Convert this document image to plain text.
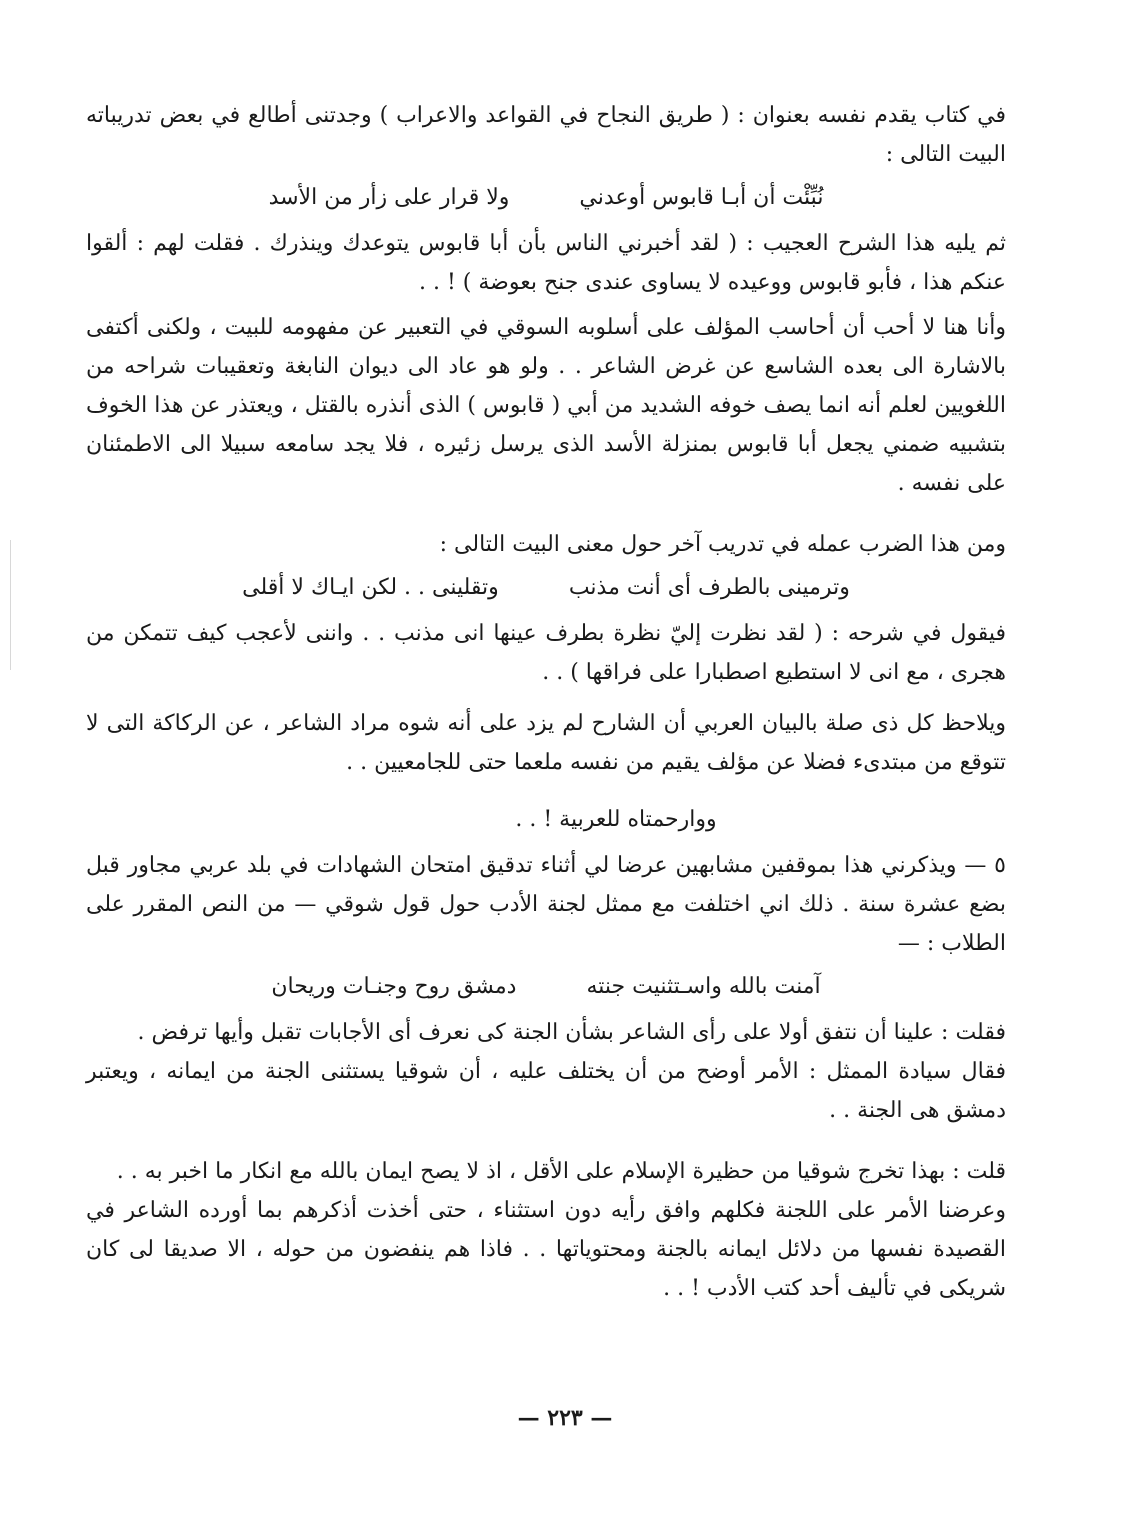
في كتاب يقدم نفسه بعنوان : ( طريق النجاح في القواعد والاعراب ) وجدتنى أطالع في بعض تدريباته البيت التالى :

نُبِّئْت أن أبـا قابوس أوعدني
ولا قرار على زأر من الأسد

ثم يليه هذا الشرح العجيب : ( لقد أخبرني الناس بأن أبا قابوس يتوعدك وينذرك . فقلت لهم : ألقوا عنكم هذا ، فأبو قابوس ووعيده لا يساوى عندى جنح بعوضة ) ! . .

وأنا هنا لا أحب أن أحاسب المؤلف على أسلوبه السوقي في التعبير عن مفهومه للبيت ، ولكنى أكتفى بالاشارة الى بعده الشاسع عن غرض الشاعر . . ولو هو عاد الى ديوان النابغة وتعقيبات شراحه من اللغويين لعلم أنه انما يصف خوفه الشديد من أبي ( قابوس ) الذى أنذره بالقتل ، ويعتذر عن هذا الخوف بتشبيه ضمني يجعل أبا قابوس بمنزلة الأسد الذى يرسل زئيره ، فلا يجد سامعه سبيلا الى الاطمئنان على نفسه .

ومن هذا الضرب عمله في تدريب آخر حول معنى البيت التالى :

وترمينى بالطرف أى أنت مذنب
وتقلينى . . لكن ايـاك لا أقلى

فيقول في شرحه : ( لقد نظرت إليّ نظرة بطرف عينها انى مذنب . . واننى لأعجب كيف تتمكن من هجرى ، مع انى لا استطيع اصطبارا على فراقها ) . .

ويلاحظ كل ذى صلة بالبيان العربي أن الشارح لم يزد على أنه شوه مراد الشاعر ، عن الركاكة التى لا تتوقع من مبتدىء فضلا عن مؤلف يقيم من نفسه ملعما حتى للجامعيين . .

ووارحمتاه للعربية ! . .

٥ — ويذكرني هذا بموقفين مشابهين عرضا لي أثناء تدقيق امتحان الشهادات في بلد عربي مجاور قبل بضع عشرة سنة . ذلك اني اختلفت مع ممثل لجنة الأدب حول قول شوقي — من النص المقرر على الطلاب : —

آمنت بالله واسـتثنيت جنته
دمشق روح وجنـات وريحان

فقلت : علينا أن نتفق أولا على رأى الشاعر بشأن الجنة كى نعرف أى الأجابات تقبل وأيها ترفض .

فقال سيادة الممثل : الأمر أوضح من أن يختلف عليه ، أن شوقيا يستثنى الجنة من ايمانه ، ويعتبر دمشق هى الجنة . .

قلت : بهذا تخرج شوقيا من حظيرة الإسلام على الأقل ، اذ لا يصح ايمان بالله مع انكار ما اخبر به . .

وعرضنا الأمر على اللجنة فكلهم وافق رأيه دون استثناء ، حتى أخذت أذكرهم بما أورده الشاعر في القصيدة نفسها من دلائل ايمانه بالجنة ومحتوياتها . . فاذا هم ينفضون من حوله ، الا صديقا لى كان شريكى في تأليف أحد كتب الأدب ! . .

— ٢٢٣ —
